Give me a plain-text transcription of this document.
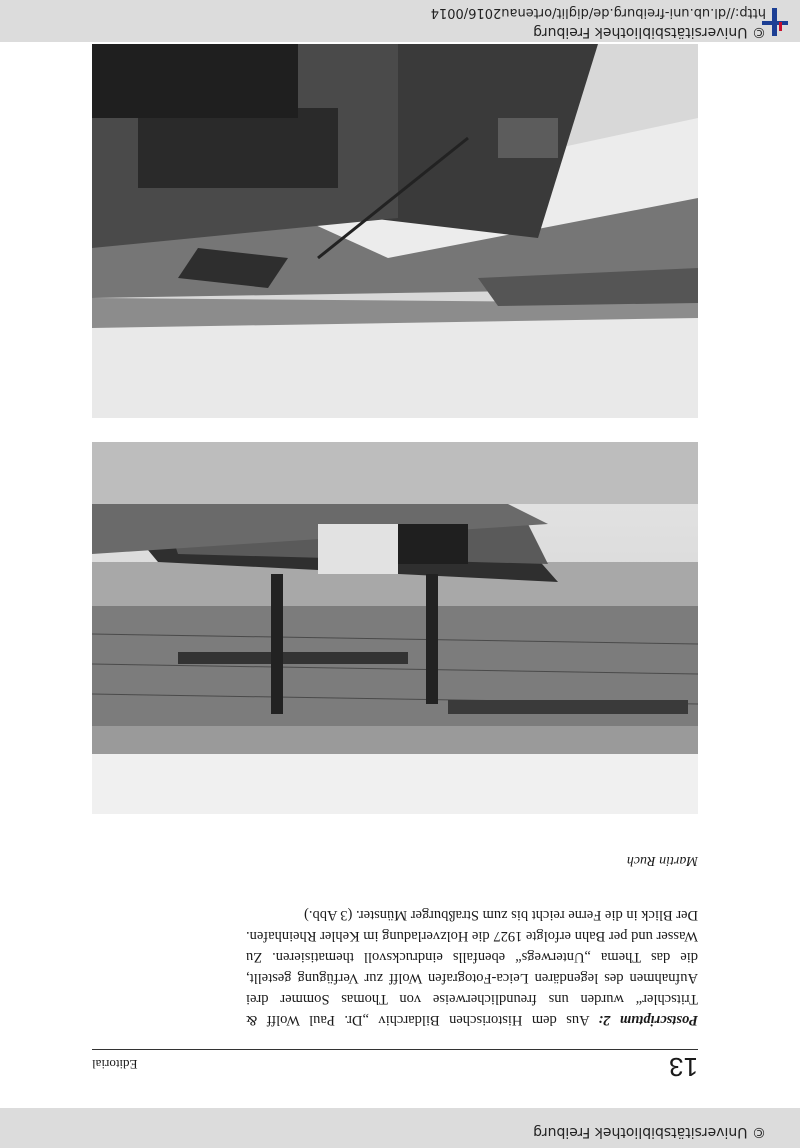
© Universitätsbibliothek Freiburg
13
Editorial

Postscriptum 2: Aus dem Historischen Bildarchiv „Dr. Paul Wolff & Tritschler“ wurden uns freundlicherweise von Thomas Sommer drei Aufnahmen des legendären Leica-Fotografen Wolff zur Verfügung gestellt, die das Thema „Unterwegs“ ebenfalls eindrucksvoll thematisieren. Zu Wasser und per Bahn erfolgte 1927 die Holzverladung im Kehler Rheinhafen. Der Blick in die Ferne reicht bis zum Straßburger Münster. (3 Abb.)

Martin Ruch
© Universitätsbibliothek Freiburg
http://dl.ub.uni-freiburg.de/diglit/ortenau2016/0014
